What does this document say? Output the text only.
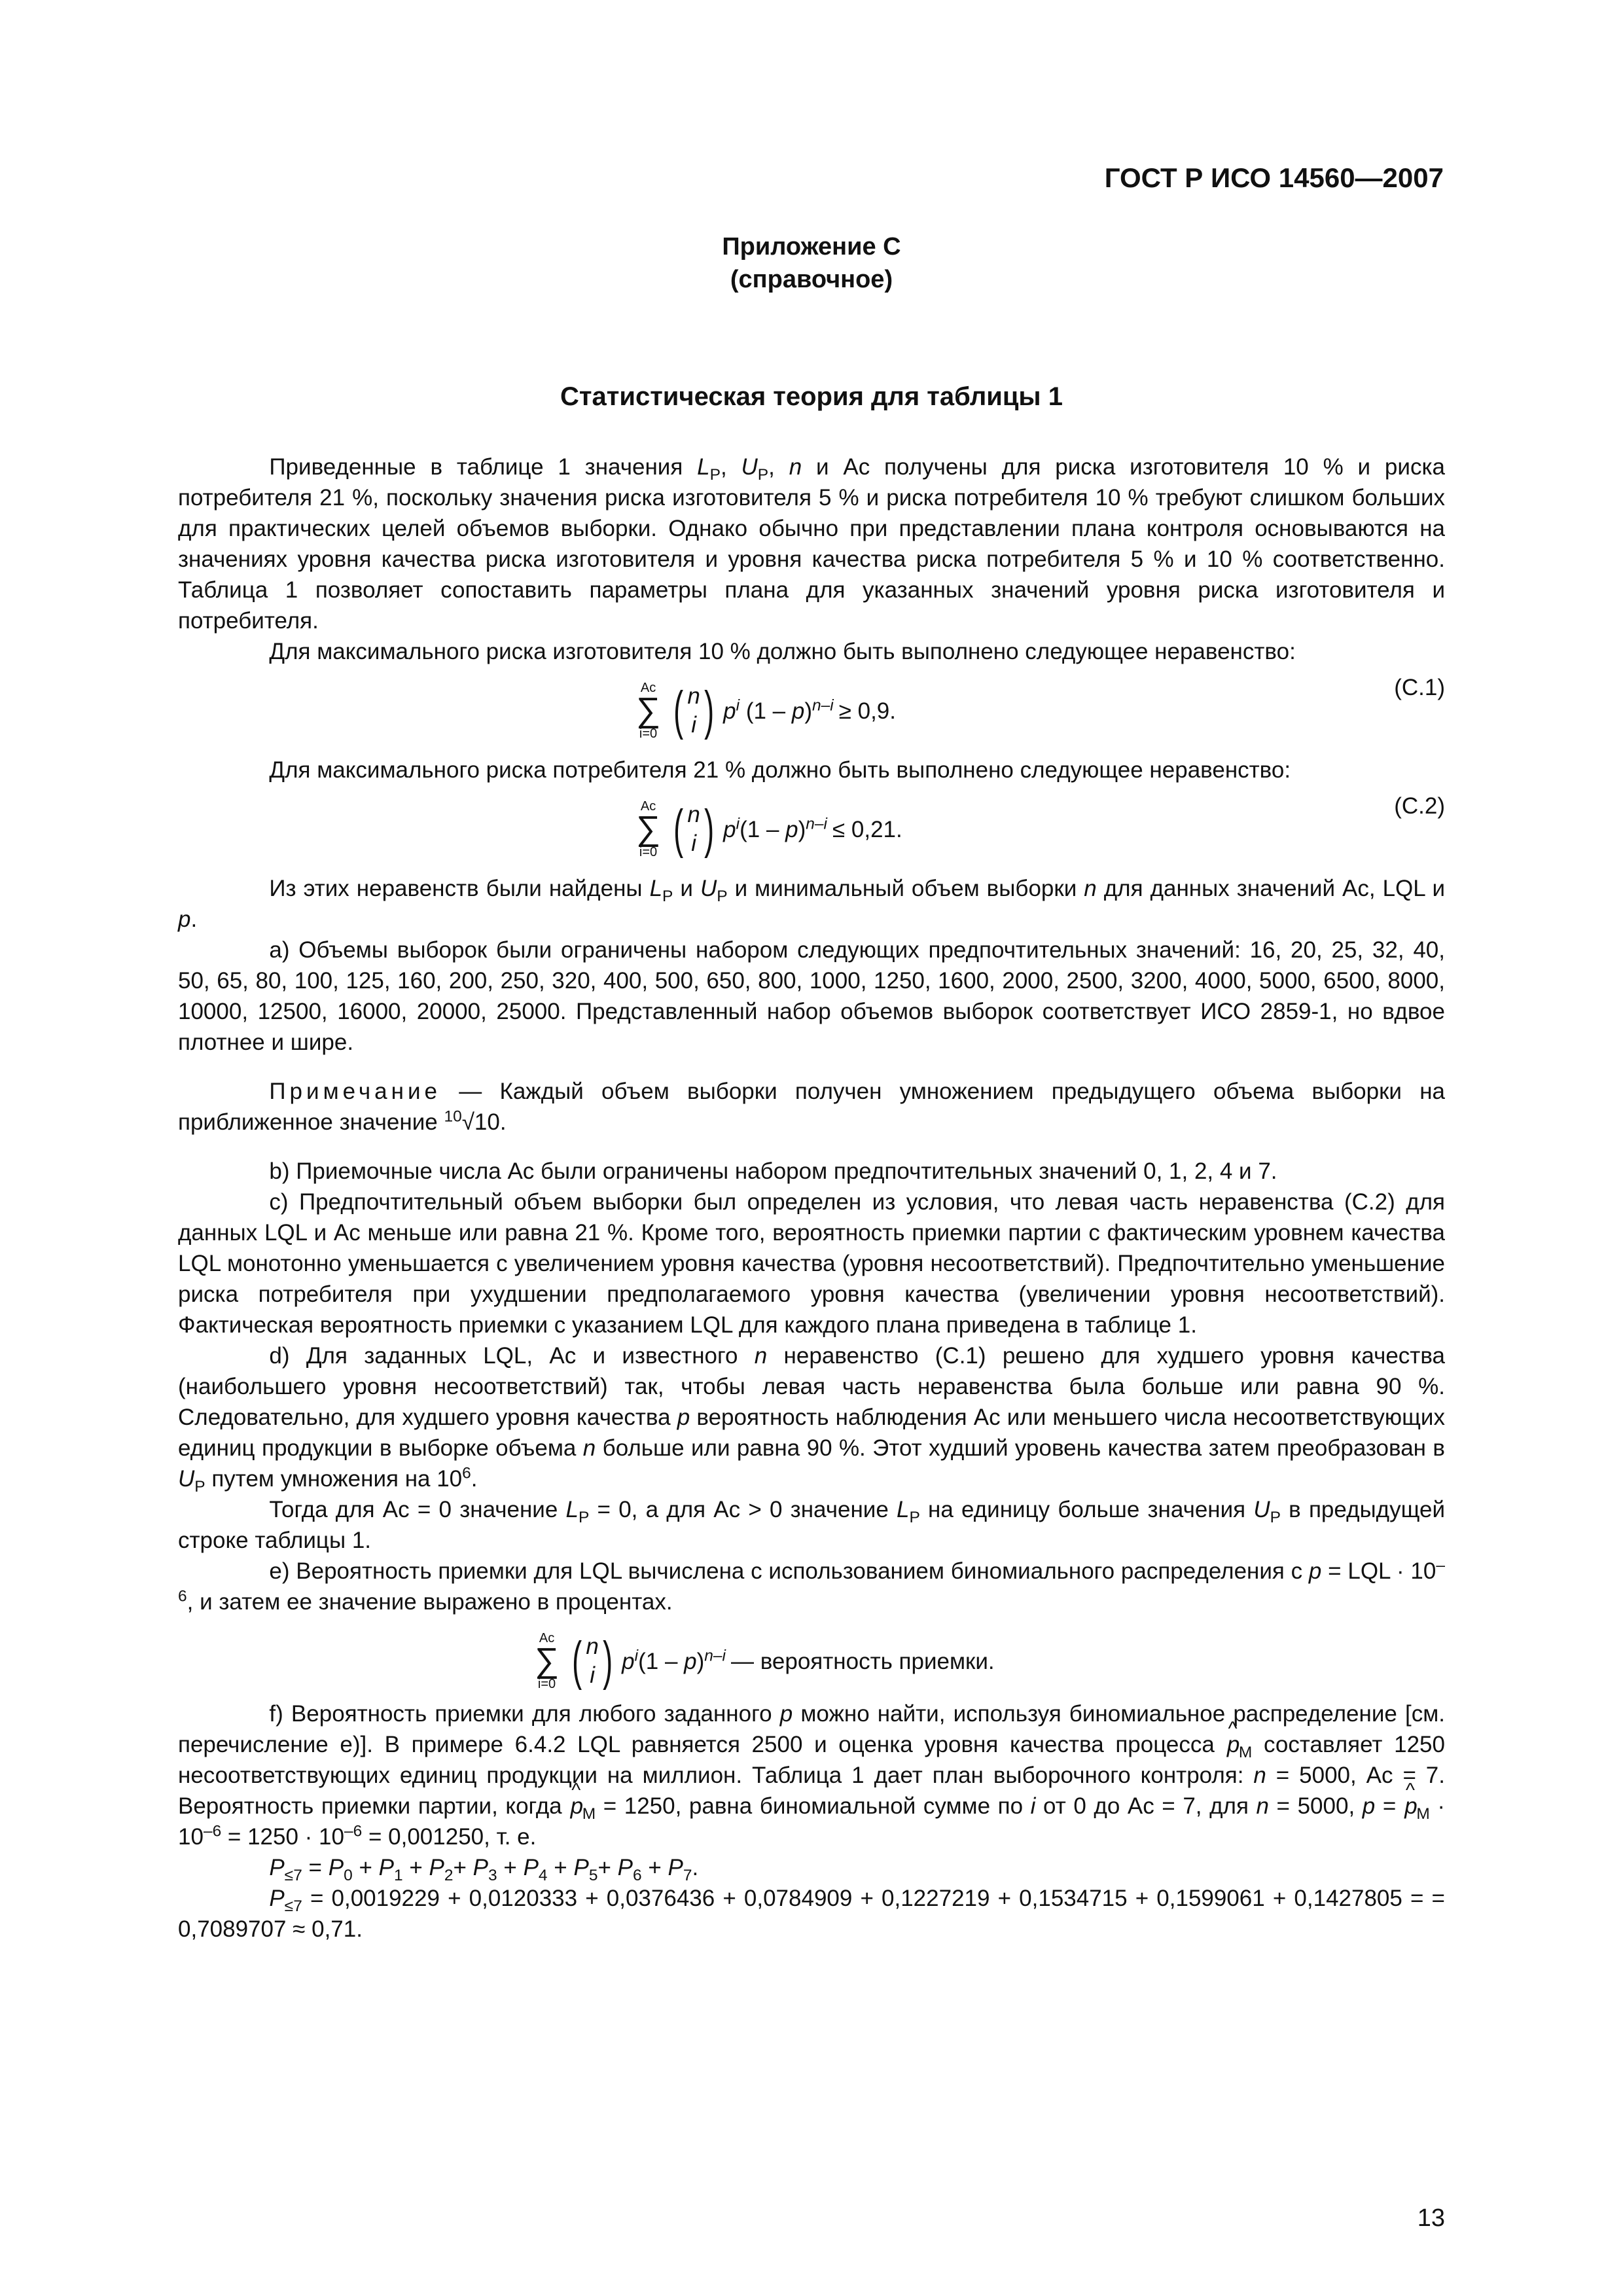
ГОСТ Р ИСО 14560—2007
Приложение С
(справочное)
Статистическая теория для таблицы 1

Приведенные в таблице 1 значения $L_P$, $U_P$, n и Ас получены для риска изготовителя 10 % и риска потребителя 21 %, поскольку значения риска изготовителя 5 % и риска потребителя 10 % требуют слишком больших для практических целей объемов выборки. Однако обычно при представлении плана контроля основываются на значениях уровня качества риска изготовителя и уровня качества риска потребителя 5 % и 10 % соответственно. Таблица 1 позволяет сопоставить параметры плана для указанных значений уровня риска изготовителя и потребителя.

Для максимального риска изготовителя 10 % должно быть выполнено следующее неравенство:

Ac
∑
i=0 ( n
i ) $p^i$ (1 – p)$^{n-i}$ ≥ 0,9.
(С.1)

Для максимального риска потребителя 21 % должно быть выполнено следующее неравенство:

Ac
∑
i=0 ( n
i ) $p^i(1 - p)^{n-i} \le 0,21$.
(С.2)

Из этих неравенств были найдены $L_P$ и $U_P$ и минимальный объем выборки n для данных значений Ас, LQL и p.

а) Объемы выборок были ограничены набором следующих предпочтительных значений: 16, 20, 25, 32, 40, 50, 65, 80, 100, 125, 160, 200, 250, 320, 400, 500, 650, 800, 1000, 1250, 1600, 2000, 2500, 3200, 4000, 5000, 6500, 8000, 10000, 12500, 16000, 20000, 25000. Представленный набор объемов выборок соответствует ИСО 2859-1, но вдвое плотнее и шире.

Примечание — Каждый объем выборки получен умножением предыдущего объема выборки на приближенное значение $^{10}$√10.

b) Приемочные числа Ас были ограничены набором предпочтительных значений 0, 1, 2, 4 и 7.

c) Предпочтительный объем выборки был определен из условия, что левая часть неравенства (С.2) для данных LQL и Ас меньше или равна 21 %. Кроме того, вероятность приемки партии с фактическим уровнем качества LQL монотонно уменьшается с увеличением уровня качества (уровня несоответствий). Предпочтительно уменьшение риска потребителя при ухудшении предполагаемого уровня качества (увеличении уровня несоответствий). Фактическая вероятность приемки с указанием LQL для каждого плана приведена в таблице 1.

d) Для заданных LQL, Ас и известного n неравенство (С.1) решено для худшего уровня качества (наибольшего уровня несоответствий) так, чтобы левая часть неравенства была больше или равна 90 %. Следовательно, для худшего уровня качества p вероятность наблюдения Ас или меньшего числа несоответствующих единиц продукции в выборке объема n больше или равна 90 %. Этот худший уровень качества затем преобразован в $U_P$ путем умножения на $10^6$.

Тогда для Ас = 0 значение $L_P = 0$, а для Ас > 0 значение $L_P$ на единицу больше значения $U_P$ в предыдущей строке таблицы 1.

e) Вероятность приемки для LQL вычислена с использованием биномиального распределения с p = LQL · $10^{-6}$, и затем ее значение выражено в процентах.

Ac
∑
i=0 ( n
i ) $p^i(1 - p)^{n-i}$ — вероятность приемки.

f) Вероятность приемки для любого заданного p можно найти, используя биномиальное распределение [см. перечисление е)]. В примере 6.4.2 LQL равняется 2500 и оценка уровня качества процесса ^ $p_M$ составляет 1250 несоответствующих единиц продукции на миллион. Таблица 1 дает план выборочного контроля: n = 5000, Ас = 7. Вероятность приемки партии, когда ^ $p_M = 1250$, равна биномиальной сумме по i от 0 до Ас = 7, для n = 5000, p = ^ $p_M \cdot 10^{-6} = 1250 \cdot 10^{-6} = 0,001250$, т. е.

$P_{\le 7} = P_0 + P_1 + P_2+ P_3 + P_4 + P_5+ P_6 + P_7$.

$P_{\le 7} = 0,0019229 + 0,0120333 + 0,0376436 + 0,0784909 + 0,1227219 + 0,1534715 + 0,1599061 + 0,1427805$ = = 0,7089707 ≈ 0,71.

13
